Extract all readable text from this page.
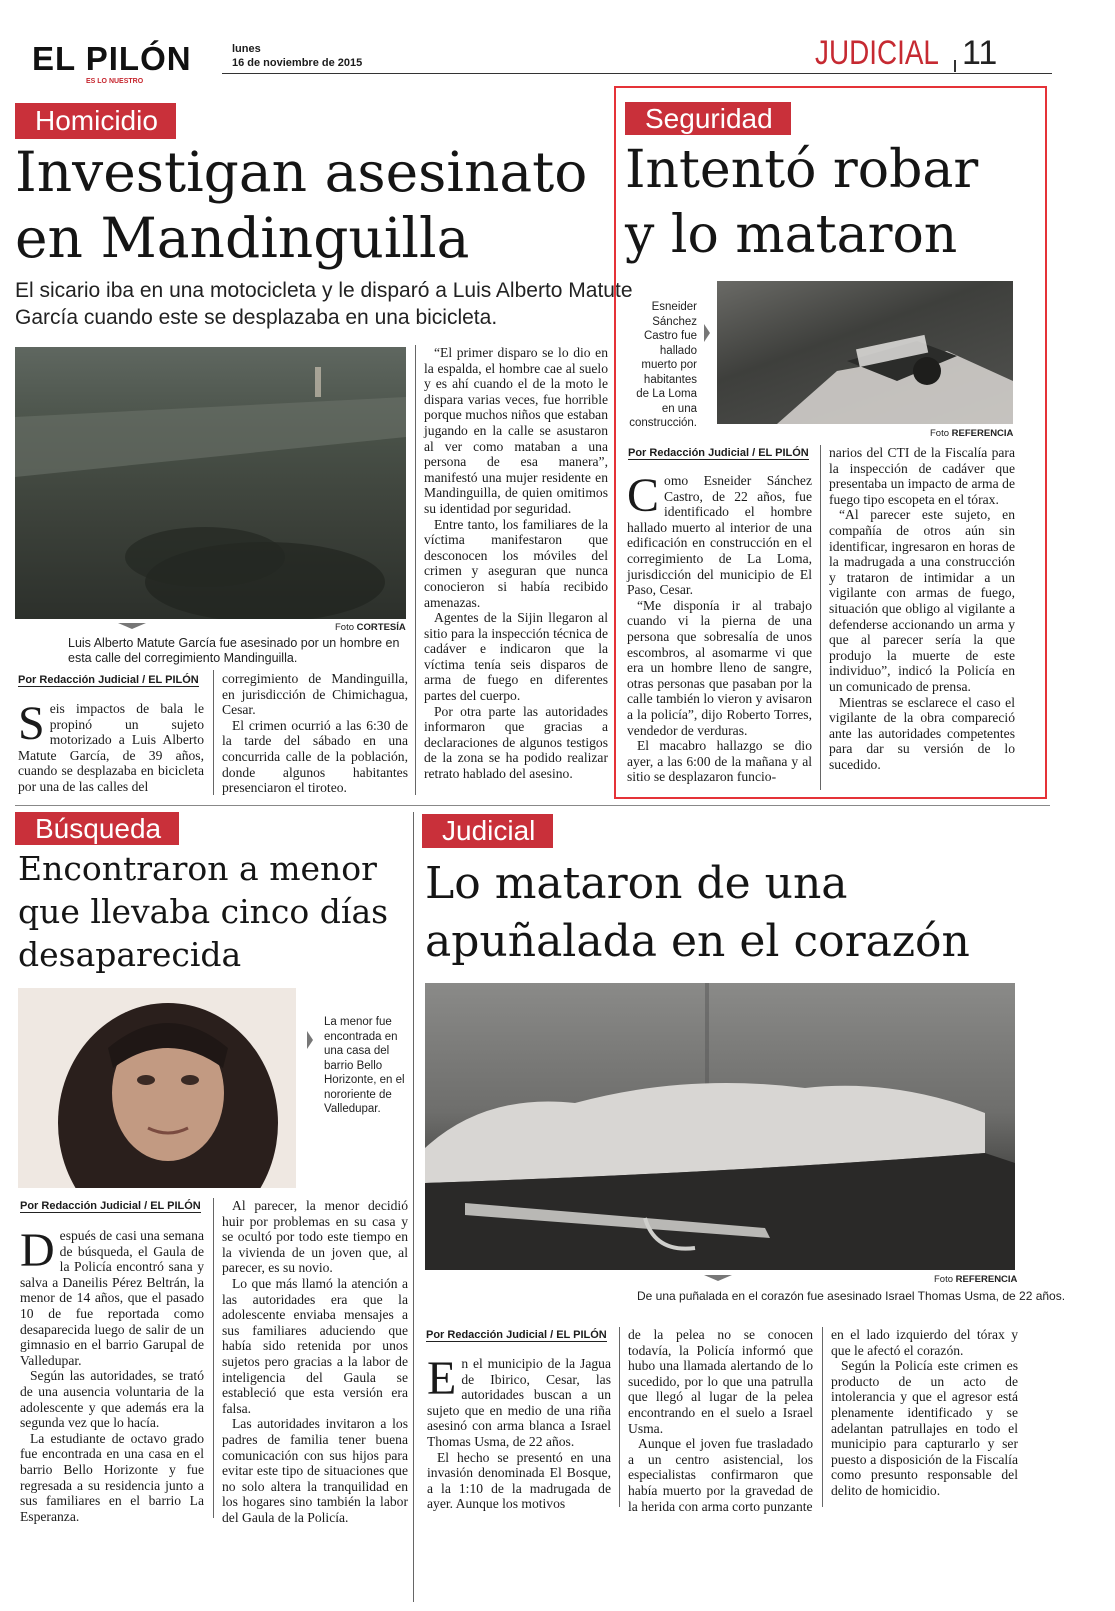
EL PILÓN
ES LO NUESTRO
lunes
16 de noviembre de 2015	JUDICIAL 11
Homicidio
Investigan asesinato
en Mandinguilla
El sicario iba en una motocicleta y le disparó a Luis Alberto Matute
García cuando este se desplazaba en una bicicleta.
Foto CORTESÍA
Luis Alberto Matute García fue asesinado por un hombre en esta calle del corregimiento Mandinguilla.
Por Redacción Judicial / EL PILÓN

Seis impactos de bala le propinó un sujeto motorizado a Luis Alberto Matute García, de 39 años, cuando se desplazaba en bicicleta por una de las calles del

corregimiento de Mandinguilla, en jurisdicción de Chimichagua, Cesar.

El crimen ocurrió a las 6:30 de la tarde del sábado en una concurrida calle de la población, donde algunos habitantes presenciaron el tiroteo.

“El primer disparo se lo dio en la espalda, el hombre cae al suelo y es ahí cuando el de la moto le dispara varias veces, fue horrible porque muchos niños que estaban jugando en la calle se asustaron al ver como mataban a una persona de esa manera”, manifestó una mujer residente en Mandinguilla, de quien omitimos su identidad por seguridad.

Entre tanto, los familiares de la víctima manifestaron que desconocen los móviles del crimen y aseguran que nunca conocieron si había recibido amenazas.

Agentes de la Sijin llegaron al sitio para la inspección técnica de cadáver e indicaron que la víctima tenía seis disparos de arma de fuego en diferentes partes del cuerpo.

Por otra parte las autoridades informaron que gracias a declaraciones de algunos testigos de la zona se ha podido realizar retrato hablado del asesino.

Seguridad
Intentó robar
y lo mataron
Esneider Sánchez Castro fue hallado muerto por habitantes de La Loma en una construcción.
Foto REFERENCIA
Por Redacción Judicial / EL PILÓN

Como Esneider Sánchez Castro, de 22 años, fue identificado el hombre hallado muerto al interior de una edificación en construcción en el corregimiento de La Loma, jurisdicción del municipio de El Paso, Cesar.

“Me disponía ir al trabajo cuando vi la pierna de una persona que sobresalía de unos escombros, al asomarme vi que era un hombre lleno de sangre, otras personas que pasaban por la calle también lo vieron y avisaron a la policía”, dijo Roberto Torres, vendedor de verduras.

El macabro hallazgo se dio ayer, a las 6:00 de la mañana y al sitio se desplazaron funcio-

narios del CTI de la Fiscalía para la inspección de cadáver que presentaba un impacto de arma de fuego tipo escopeta en el tórax.

“Al parecer este sujeto, en compañía de otros aún sin identificar, ingresaron en horas de la madrugada a una construcción y trataron de intimidar a un vigilante con armas de fuego, situación que obligo al vigilante a defenderse accionando un arma y que al parecer sería la que produjo la muerte de este individuo”, indicó la Policía en un comunicado de prensa.

Mientras se esclarece el caso el vigilante de la obra compareció ante las autoridades competentes para dar su versión de lo sucedido.

Búsqueda
Encontraron a menor
que llevaba cinco días
desaparecida
La menor fue encontrada en una casa del barrio Bello Horizonte, en el nororiente de Valledupar.
Por Redacción Judicial / EL PILÓN

Después de casi una semana de búsqueda, el Gaula de la Policía encontró sana y salva a Daneilis Pérez Beltrán, la menor de 14 años, que el pasado 10 de fue reportada como desaparecida luego de salir de un gimnasio en el barrio Garupal de Valledupar.

Según las autoridades, se trató de una ausencia voluntaria de la adolescente y que además era la segunda vez que lo hacía.

La estudiante de octavo grado fue encontrada en una casa en el barrio Bello Horizonte y fue regresada a su residencia junto a sus familiares en el barrio La Esperanza.

Al parecer, la menor decidió huir por problemas en su casa y se ocultó por todo este tiempo en la vivienda de un joven que, al parecer, es su novio.

Lo que más llamó la atención a las autoridades era que la adolescente enviaba mensajes a sus familiares aduciendo que había sido retenida por unos sujetos pero gracias a la labor de inteligencia del Gaula se estableció que esta versión era falsa.

Las autoridades invitaron a los padres de familia tener buena comunicación con sus hijos para evitar este tipo de situaciones que no solo altera la tranquilidad en los hogares sino también la labor del Gaula de la Policía.

Judicial
Lo mataron de una
apuñalada en el corazón
Foto REFERENCIA
De una puñalada en el corazón fue asesinado Israel Thomas Usma, de 22 años.
Por Redacción Judicial / EL PILÓN

En el municipio de la Jagua de Ibirico, Cesar, las autoridades buscan a un sujeto que en medio de una riña asesinó con arma blanca a Israel Thomas Usma, de 22 años.

El hecho se presentó en una invasión denominada El Bosque, a la 1:10 de la madrugada de ayer. Aunque los motivos

de la pelea no se conocen todavía, la Policía informó que hubo una llamada alertando de lo sucedido, por lo que una patrulla que llegó al lugar de la pelea encontrando en el suelo a Israel Usma.

Aunque el joven fue trasladado a un centro asistencial, los especialistas confirmaron que había muerto por la gravedad de la herida con arma corto punzante

en el lado izquierdo del tórax y que le afectó el corazón.

Según la Policía este crimen es producto de un acto de intolerancia y que el agresor está plenamente identificado y se adelantan patrullajes en todo el municipio para capturarlo y ser puesto a disposición de la Fiscalía como presunto responsable del delito de homicidio.
